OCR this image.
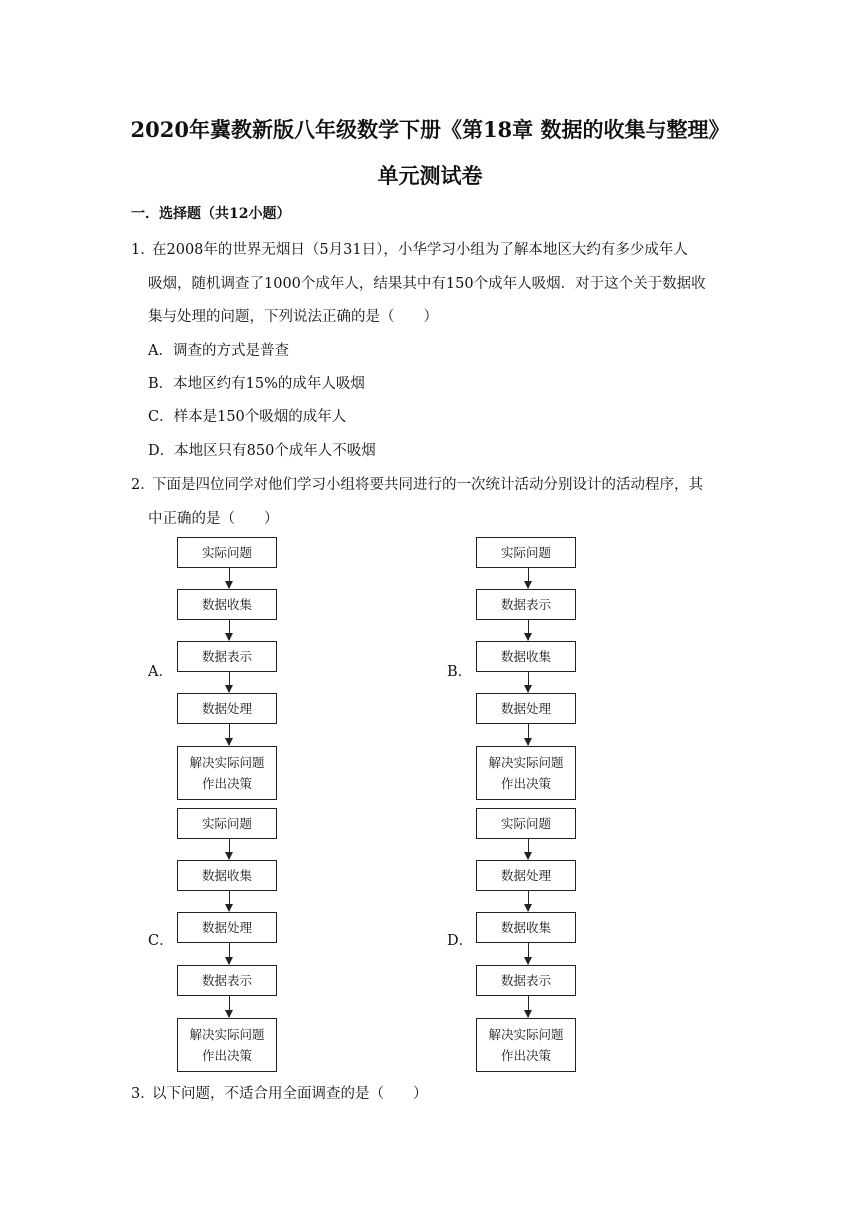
2020年冀教新版八年级数学下册《第18章 数据的收集与整理》
单元测试卷
一．选择题（共12小题）
1．
在2008年的世界无烟日（5月31日），小华学习小组为了解本地区大约有多少成年人
吸烟，随机调查了1000个成年人，结果其中有150个成年人吸烟．对于这个关于数据收
集与处理的问题，下列说法正确的是（　　）
A．调查的方式是普查
B．本地区约有15%的成年人吸烟
C．样本是150个吸烟的成年人
D．本地区只有850个成年人不吸烟
2．
下面是四位同学对他们学习小组将要共同进行的一次统计活动分别设计的活动程序，其
中正确的是（　　）
A．
实际问题
数据收集
数据表示
数据处理
解决实际问题
作出决策
B．
实际问题
数据表示
数据收集
数据处理
解决实际问题
作出决策
C．
实际问题
数据收集
数据处理
数据表示
解决实际问题
作出决策
D．
实际问题
数据处理
数据收集
数据表示
解决实际问题
作出决策
3．
以下问题，不适合用全面调查的是（　　）
